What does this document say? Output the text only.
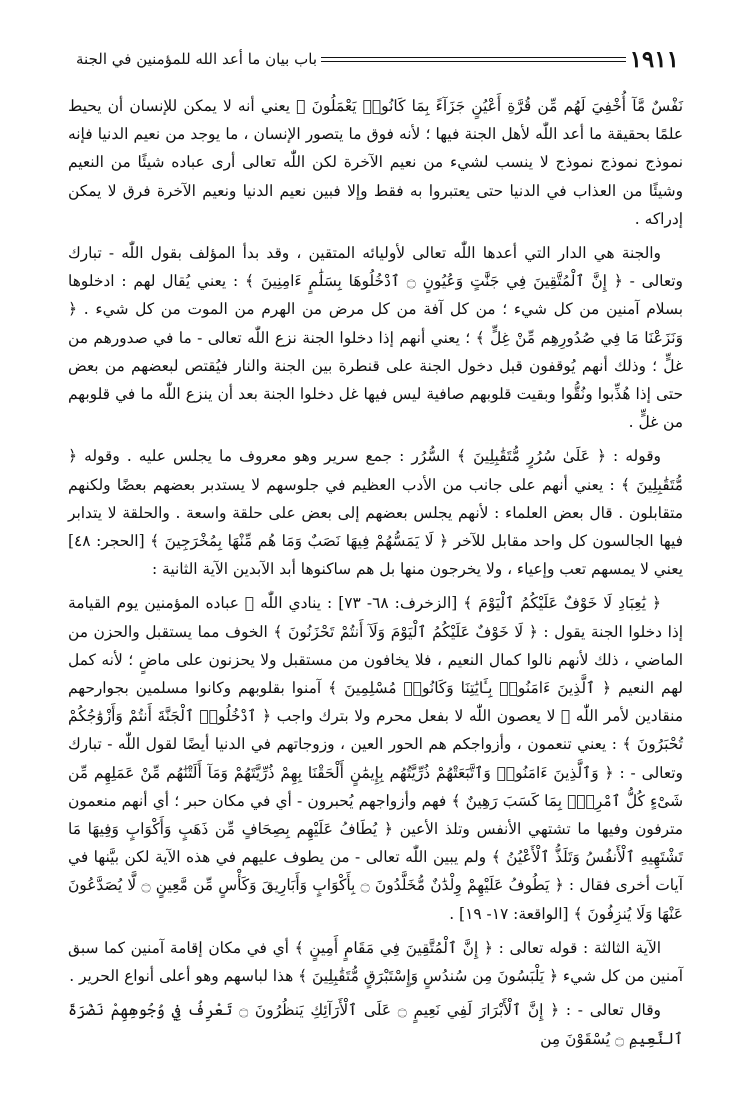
١٩١١
باب بيان ما أعد الله للمؤمنين في الجنة

نَفْسٌ مَّآ أُخْفِيَ لَهُم مِّن قُرَّةِ أَعْيُنٍ جَزَآءً بِمَا كَانُوا۟ يَعْمَلُونَ ﴾ يعني أنه لا يمكن للإنسان أن يحيط علمًا بحقيقة ما أعد اللّٰه لأهل الجنة فيها ؛ لأنه فوق ما يتصور الإنسان ، ما يوجد من نعيم الدنيا فإنه نموذج نموذج نموذج لا ينسب لشيء من نعيم الآخرة لكن اللّٰه تعالى أرى عباده شيئًا من النعيم وشيئًا من العذاب في الدنيا حتى يعتبروا به فقط وإلا فبين نعيم الدنيا ونعيم الآخرة فرق لا يمكن إدراكه .

والجنة هي الدار التي أعدها اللّٰه تعالى لأوليائه المتقين ، وقد بدأ المؤلف بقول اللّٰه - تبارك وتعالى - ﴿ إِنَّ ٱلْمُتَّقِينَ فِي جَنَّٰتٍ وَعُيُونٍ ۝ ٱدْخُلُوهَا بِسَلَٰمٍ ءَامِنِينَ ﴾ : يعني يُقال لهم : ادخلوها بسلام آمنين من كل شيء ؛ من كل آفة من كل مرض من الهرم من الموت من كل شيء . ﴿ وَنَزَعْنَا مَا فِي صُدُورِهِم مِّنْ غِلٍّ ﴾ ؛ يعني أنهم إذا دخلوا الجنة نزع اللّٰه تعالى - ما في صدورهم من غلٍّ ؛ وذلك أنهم يُوقفون قبل دخول الجنة على قنطرة بين الجنة والنار فيُقتص لبعضهم من بعض حتى إذا هُذِّبوا ونُقُّوا وبقيت قلوبهم صافية ليس فيها غل دخلوا الجنة بعد أن ينزع اللّٰه ما في قلوبهم من غلٍّ .

وقوله : ﴿ عَلَىٰ سُرُرٍ مُّتَقَٰبِلِينَ ﴾ السُّرُر : جمع سرير وهو معروف ما يجلس عليه . وقوله ﴿ مُّتَقَٰبِلِينَ ﴾ : يعني أنهم على جانب من الأدب العظيم في جلوسهم لا يستدبر بعضهم بعضًا ولكنهم متقابلون . قال بعض العلماء : لأنهم يجلس بعضهم إلى بعض على حلقة واسعة . والحلقة لا يتدابر فيها الجالسون كل واحد مقابل للآخر ﴿ لَا يَمَسُّهُمْ فِيهَا نَصَبٌ وَمَا هُم مِّنْهَا بِمُخْرَجِينَ ﴾ [الحجر: ٤٨] يعني لا يمسهم تعب وإعياء ، ولا يخرجون منها بل هم ساكنوها أبد الآبدين الآية الثانية :

﴿ يَٰعِبَادِ لَا خَوْفٌ عَلَيْكُمُ ٱلْيَوْمَ ﴾ [الزخرف: ٦٨- ٧٣] : ينادي اللّٰه ﷻ عباده المؤمنين يوم القيامة إذا دخلوا الجنة يقول : ﴿ لَا خَوْفٌ عَلَيْكُمُ ٱلْيَوْمَ وَلَآ أَنتُمْ تَحْزَنُونَ ﴾ الخوف مما يستقبل والحزن من الماضي ، ذلك لأنهم نالوا كمال النعيم ، فلا يخافون من مستقبل ولا يحزنون على ماضٍ ؛ لأنه كمل لهم النعيم ﴿ ٱلَّذِينَ ءَامَنُوا۟ بِـَٔايَٰتِنَا وَكَانُوا۟ مُسْلِمِينَ ﴾ آمنوا بقلوبهم وكانوا مسلمين بجوارحهم منقادين لأمر اللّٰه ﷻ لا يعصون اللّٰه لا بفعل محرم ولا بترك واجب ﴿ ٱدْخُلُوا۟ ٱلْجَنَّةَ أَنتُمْ وَأَزْوَٰجُكُمْ تُحْبَرُونَ ﴾ : يعني تنعمون ، وأزواجكم هم الحور العين ، وزوجاتهم في الدنيا أيضًا لقول اللّٰه - تبارك وتعالى - : ﴿ وَٱلَّذِينَ ءَامَنُوا۟ وَٱتَّبَعَتْهُمْ ذُرِّيَّتُهُم بِإِيمَٰنٍ أَلْحَقْنَا بِهِمْ ذُرِّيَّتَهُمْ وَمَآ أَلَتْنَٰهُم مِّنْ عَمَلِهِم مِّن شَىْءٍ كُلُّ ٱمْرِئٍۭ بِمَا كَسَبَ رَهِينٌ ﴾ فهم وأزواجهم يُحبرون - أي في مكان حبر ؛ أي أنهم منعمون مترفون وفيها ما تشتهي الأنفس وتلذ الأعين ﴿ يُطَافُ عَلَيْهِم بِصِحَافٍ مِّن ذَهَبٍ وَأَكْوَابٍ وَفِيهَا مَا تَشْتَهِيهِ ٱلْأَنفُسُ وَتَلَذُّ ٱلْأَعْيُنُ ﴾ ولم يبين اللّٰه تعالى - من يطوف عليهم في هذه الآية لكن بيَّنها في آيات أخرى فقال : ﴿ يَطُوفُ عَلَيْهِمْ وِلْدَٰنٌ مُّخَلَّدُونَ ۝ بِأَكْوَابٍ وَأَبَارِيقَ وَكَأْسٍ مِّن مَّعِينٍ ۝ لَّا يُصَدَّعُونَ عَنْهَا وَلَا يُنزِفُونَ ﴾ [الواقعة: ١٧- ١٩] .

الآية الثالثة : قوله تعالى : ﴿ إِنَّ ٱلْمُتَّقِينَ فِي مَقَامٍ أَمِينٍ ﴾ أي في مكان إقامة آمنين كما سبق آمنين من كل شيء ﴿ يَلْبَسُونَ مِن سُندُسٍ وَإِسْتَبْرَقٍ مُّتَقَٰبِلِينَ ﴾ هذا لباسهم وهو أعلى أنواع الحرير .

وقال تعالى - : ﴿ إِنَّ ٱلْأَبْرَارَ لَفِي نَعِيمٍ ۝ عَلَى ٱلْأَرَآئِكِ يَنظُرُونَ ۝ تَعْرِفُ فِي وُجُوهِهِمْ نَضْرَةَ ٱلنَّعِيمِ ۝ يُسْقَوْنَ مِن
